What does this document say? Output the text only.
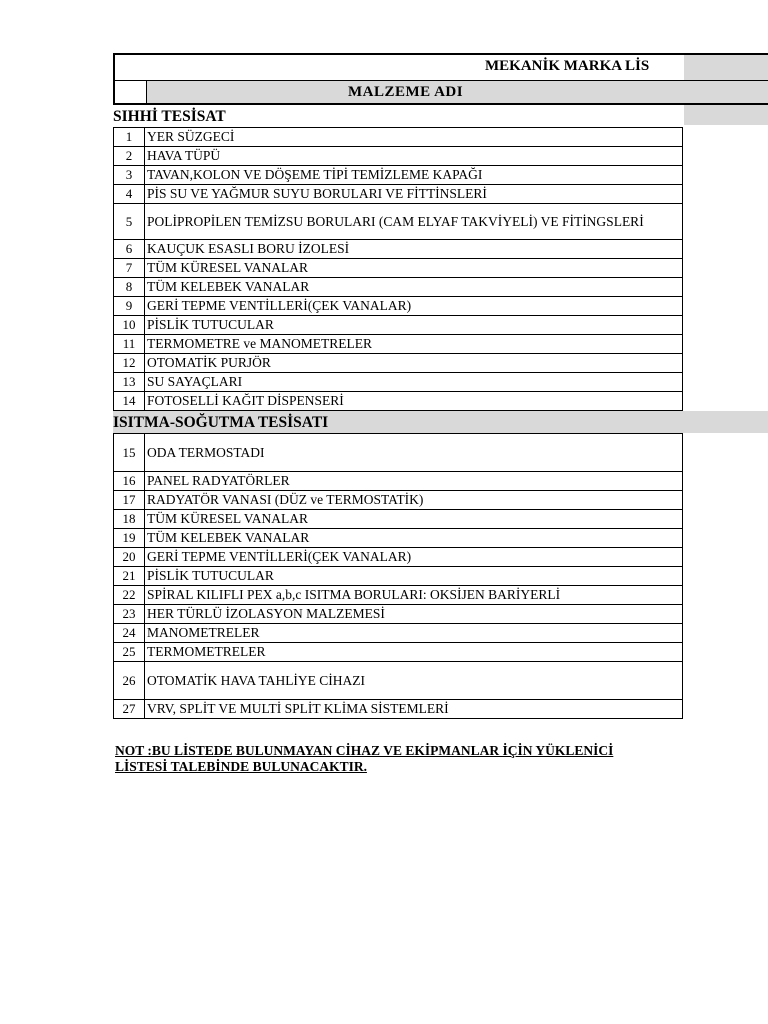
MEKANİK MARKA LİS
MALZEME ADI
SIHHİ TESİSAT
1	YER SÜZGECİ
2	HAVA TÜPÜ
3	TAVAN,KOLON VE DÖŞEME TİPİ TEMİZLEME KAPAĞI
4	PİS SU VE YAĞMUR SUYU BORULARI VE FİTTİNSLERİ
5	POLİPROPİLEN TEMİZSU BORULARI (CAM ELYAF TAKVİYELİ) VE FİTİNGSLERİ
6	KAUÇUK ESASLI BORU İZOLESİ
7	TÜM KÜRESEL VANALAR
8	TÜM KELEBEK VANALAR
9	GERİ TEPME VENTİLLERİ(ÇEK VANALAR)
10	PİSLİK TUTUCULAR
11	TERMOMETRE ve MANOMETRELER
12	OTOMATİK PURJÖR
13	SU SAYAÇLARI
14	FOTOSELLİ KAĞIT DİSPENSERİ
ISITMA-SOĞUTMA TESİSATI
15	ODA TERMOSTADI
16	PANEL RADYATÖRLER
17	RADYATÖR VANASI (DÜZ ve TERMOSTATİK)
18	TÜM KÜRESEL VANALAR
19	TÜM KELEBEK VANALAR
20	GERİ TEPME VENTİLLERİ(ÇEK VANALAR)
21	PİSLİK TUTUCULAR
22	SPİRAL KILIFLI PEX a,b,c ISITMA BORULARI: OKSİJEN BARİYERLİ
23	HER TÜRLÜ İZOLASYON MALZEMESİ
24	MANOMETRELER
25	TERMOMETRELER
26	OTOMATİK HAVA TAHLİYE CİHAZI
27	VRV, SPLİT VE MULTİ SPLİT KLİMA SİSTEMLERİ
NOT :BU LİSTEDE BULUNMAYAN CİHAZ VE EKİPMANLAR İÇİN YÜKLENİCİ
LİSTESİ TALEBİNDE BULUNACAKTIR.
